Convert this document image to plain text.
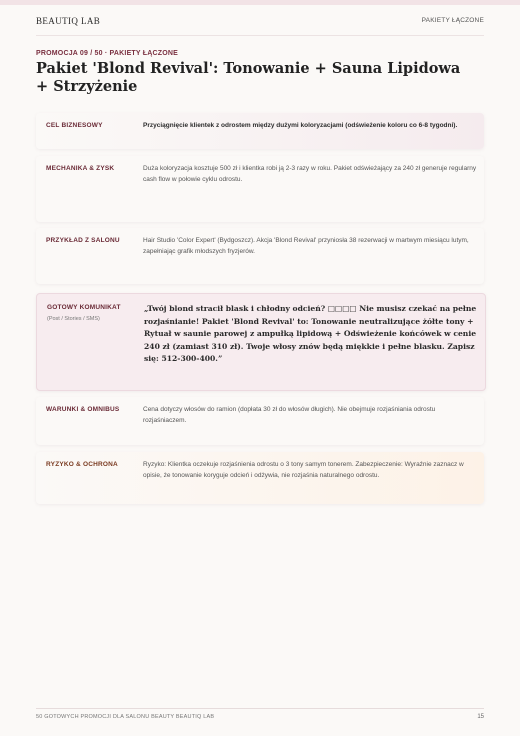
BEAUTIQ LAB	PAKIETY ŁĄCZONE
PROMOCJA 09 / 50 · PAKIETY ŁĄCZONE
Pakiet 'Blond Revival': Tonowanie + Sauna Lipidowa + Strzyżenie
CEL BIZNESOWY	Przyciągnięcie klientek z odrostem między dużymi koloryzacjami (odświeżenie koloru co 6-8 tygodni).
MECHANIKA & ZYSK	Duża koloryzacja kosztuje 500 zł i klientka robi ją 2-3 razy w roku. Pakiet odświeżający za 240 zł generuje regularny cash flow w połowie cyklu odrostu.
PRZYKŁAD Z SALONU	Hair Studio 'Color Expert' (Bydgoszcz). Akcja 'Blond Revival' przyniosła 38 rezerwacji w martwym miesiącu lutym, zapełniając grafik młodszych fryzjerów.
GOTOWY KOMUNIKAT
(Post / Stories / SMS)
„Twój blond stracił blask i chłodny odcień? □□□□ Nie musisz czekać na pełne rozjaśnianie! Pakiet 'Blond Revival' to: Tonowanie neutralizujące żółte tony + Rytuał w saunie parowej z ampułką lipidową + Odświeżenie końcówek w cenie 240 zł (zamiast 310 zł). Twoje włosy znów będą miękkie i pełne blasku. Zapisz się: 512-300-400.”
WARUNKI & OMNIBUS	Cena dotyczy włosów do ramion (dopłata 30 zł do włosów długich). Nie obejmuje rozjaśniania odrostu rozjaśniaczem.
RYZYKO & OCHRONA	Ryzyko: Klientka oczekuje rozjaśnienia odrostu o 3 tony samym tonerem. Zabezpieczenie: Wyraźnie zaznacz w opisie, że tonowanie koryguje odcień i odżywia, nie rozjaśnia naturalnego odrostu.
50 GOTOWYCH PROMOCJI DLA SALONU BEAUTY BEAUTIQ LAB	15
